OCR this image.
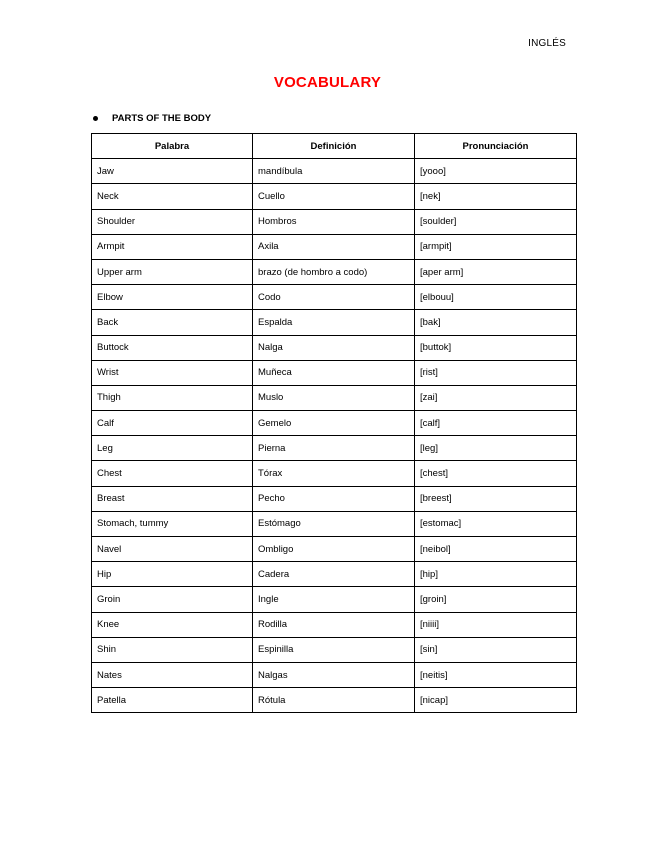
INGLÉS
VOCABULARY
PARTS OF THE BODY
Palabra	Definición	Pronunciación
Jaw	mandíbula	[yooo]
Neck	Cuello	[nek]
Shoulder	Hombros	[soulder]
Armpit	Axila	[armpit]
Upper arm	brazo (de hombro a codo)	[aper arm]
Elbow	Codo	[elbouu]
Back	Espalda	[bak]
Buttock	Nalga	[buttok]
Wrist	Muñeca	[rist]
Thigh	Muslo	[zai]
Calf	Gemelo	[calf]
Leg	Pierna	[leg]
Chest	Tórax	[chest]
Breast	Pecho	[breest]
Stomach, tummy	Estómago	[estomac]
Navel	Ombligo	[neibol]
Hip	Cadera	[hip]
Groin	Ingle	[groin]
Knee	Rodilla	[niiii]
Shin	Espinilla	[sin]
Nates	Nalgas	[neitis]
Patella	Rótula	[nicap]
